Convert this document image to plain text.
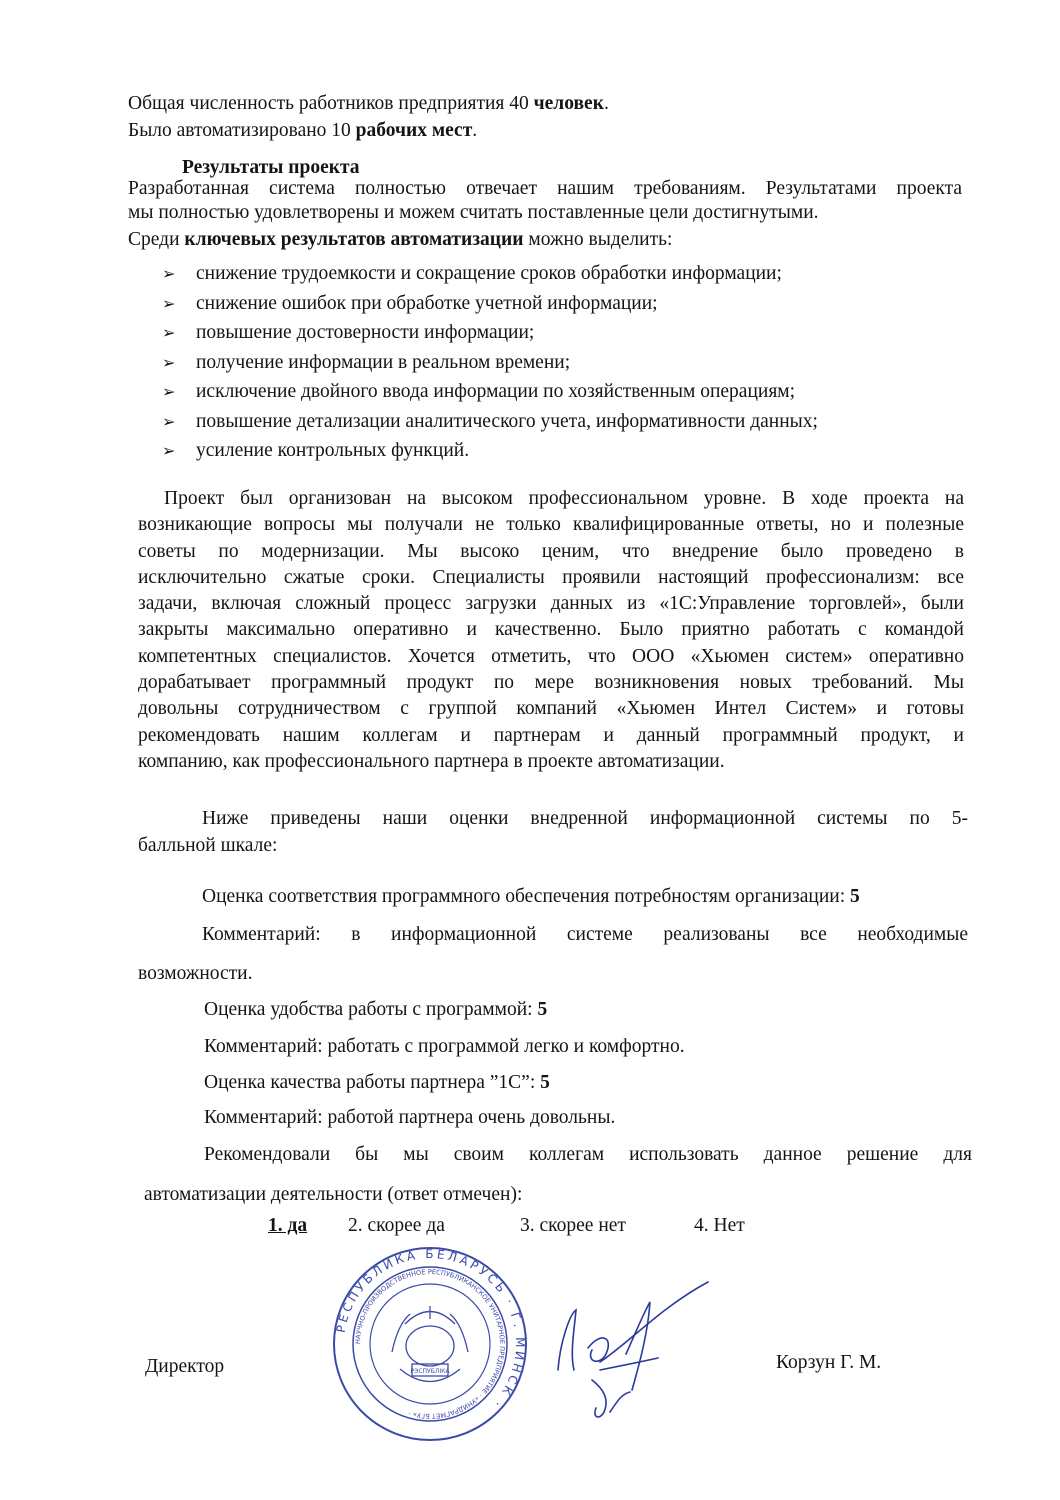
Общая численность работников предприятия 40 человек.
Было автоматизировано 10 рабочих мест.
Результаты проекта
Разработанная система полностью отвечает нашим требованиям. Результатами проекта
мы полностью удовлетворены и можем считать поставленные цели достигнутыми.
Среди ключевых результатов автоматизации можно выделить:
➢ снижение трудоемкости и сокращение сроков обработки информации;
➢ снижение ошибок при обработке учетной информации;
➢ повышение достоверности информации;
➢ получение информации в реальном времени;
➢ исключение двойного ввода информации по хозяйственным операциям;
➢ повышение детализации аналитического учета, информативности данных;
➢ усиление контрольных функций.
Проект был организован на высоком профессиональном уровне. В ходе проекта на
возникающие вопросы мы получали не только квалифицированные ответы, но и полезные
советы по модернизации. Мы высоко ценим, что внедрение было проведено в
исключительно сжатые сроки. Специалисты проявили настоящий профессионализм: все
задачи, включая сложный процесс загрузки данных из «1С:Управление торговлей», были
закрыты максимально оперативно и качественно. Было приятно работать с командой
компетентных специалистов. Хочется отметить, что ООО «Хьюмен систем» оперативно
дорабатывает программный продукт по мере возникновения новых требований. Мы
довольны сотрудничеством с группой компаний «Хьюмен Интел Систем» и готовы
рекомендовать нашим коллегам и партнерам и данный программный продукт, и
компанию, как профессионального партнера в проекте автоматизации.
Ниже приведены наши оценки внедренной информационной системы по 5-
балльной шкале:
Оценка соответствия программного обеспечения потребностям организации: 5
Комментарий: в информационной системе реализованы все необходимые
возможности.
Оценка удобства работы с программой: 5
Комментарий: работать с программой легко и комфортно.
Оценка качества работы партнера ”1С”: 5
Комментарий: работой партнера очень довольны.
Рекомендовали бы мы своим коллегам использовать данное решение для
автоматизации деятельности (ответ отмечен):
1. да 2. скорее да	3. скорее нет	4. Нет
Директор	Корзун Г. М.
РЕСПУБЛИКА БЕЛАРУСЬ · Г. МИНСК ·
НАУЧНО-ПРОИЗВОДСТВЕННОЕ РЕСПУБЛИКАНСКОЕ УНИТАРНОЕ ПРЕДПРИЯТИЕ · «УНИДРАГМЕТ БГУ» ·
РЭСПУБЛІКА
